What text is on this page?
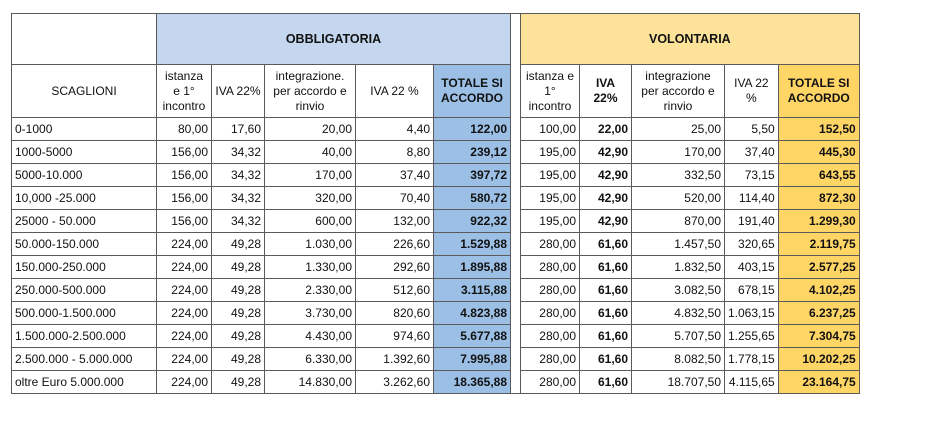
	OBBLIGATORIA						VOLONTARIA				
SCAGLIONI	istanza e 1° incontro	IVA 22%	integrazione. per accordo e rinvio	IVA 22 %	TOTALE SI ACCORDO		istanza e 1° incontro	IVA 22%	integrazione per accordo e rinvio	IVA 22 %	TOTALE SI ACCORDO
0-1000	80,00	17,60	20,00	4,40	122,00		100,00	22,00	25,00	5,50	152,50
1000-5000	156,00	34,32	40,00	8,80	239,12		195,00	42,90	170,00	37,40	445,30
5000-10.000	156,00	34,32	170,00	37,40	397,72		195,00	42,90	332,50	73,15	643,55
10,000 -25.000	156,00	34,32	320,00	70,40	580,72		195,00	42,90	520,00	114,40	872,30
25000 - 50.000	156,00	34,32	600,00	132,00	922,32		195,00	42,90	870,00	191,40	1.299,30
50.000-150.000	224,00	49,28	1.030,00	226,60	1.529,88		280,00	61,60	1.457,50	320,65	2.119,75
150.000-250.000	224,00	49,28	1.330,00	292,60	1.895,88		280,00	61,60	1.832,50	403,15	2.577,25
250.000-500.000	224,00	49,28	2.330,00	512,60	3.115,88		280,00	61,60	3.082,50	678,15	4.102,25
500.000-1.500.000	224,00	49,28	3.730,00	820,60	4.823,88		280,00	61,60	4.832,50	1.063,15	6.237,25
1.500.000-2.500.000	224,00	49,28	4.430,00	974,60	5.677,88		280,00	61,60	5.707,50	1.255,65	7.304,75
2.500.000 - 5.000.000	224,00	49,28	6.330,00	1.392,60	7.995,88		280,00	61,60	8.082,50	1.778,15	10.202,25
oltre Euro 5.000.000	224,00	49,28	14.830,00	3.262,60	18.365,88		280,00	61,60	18.707,50	4.115,65	23.164,75
